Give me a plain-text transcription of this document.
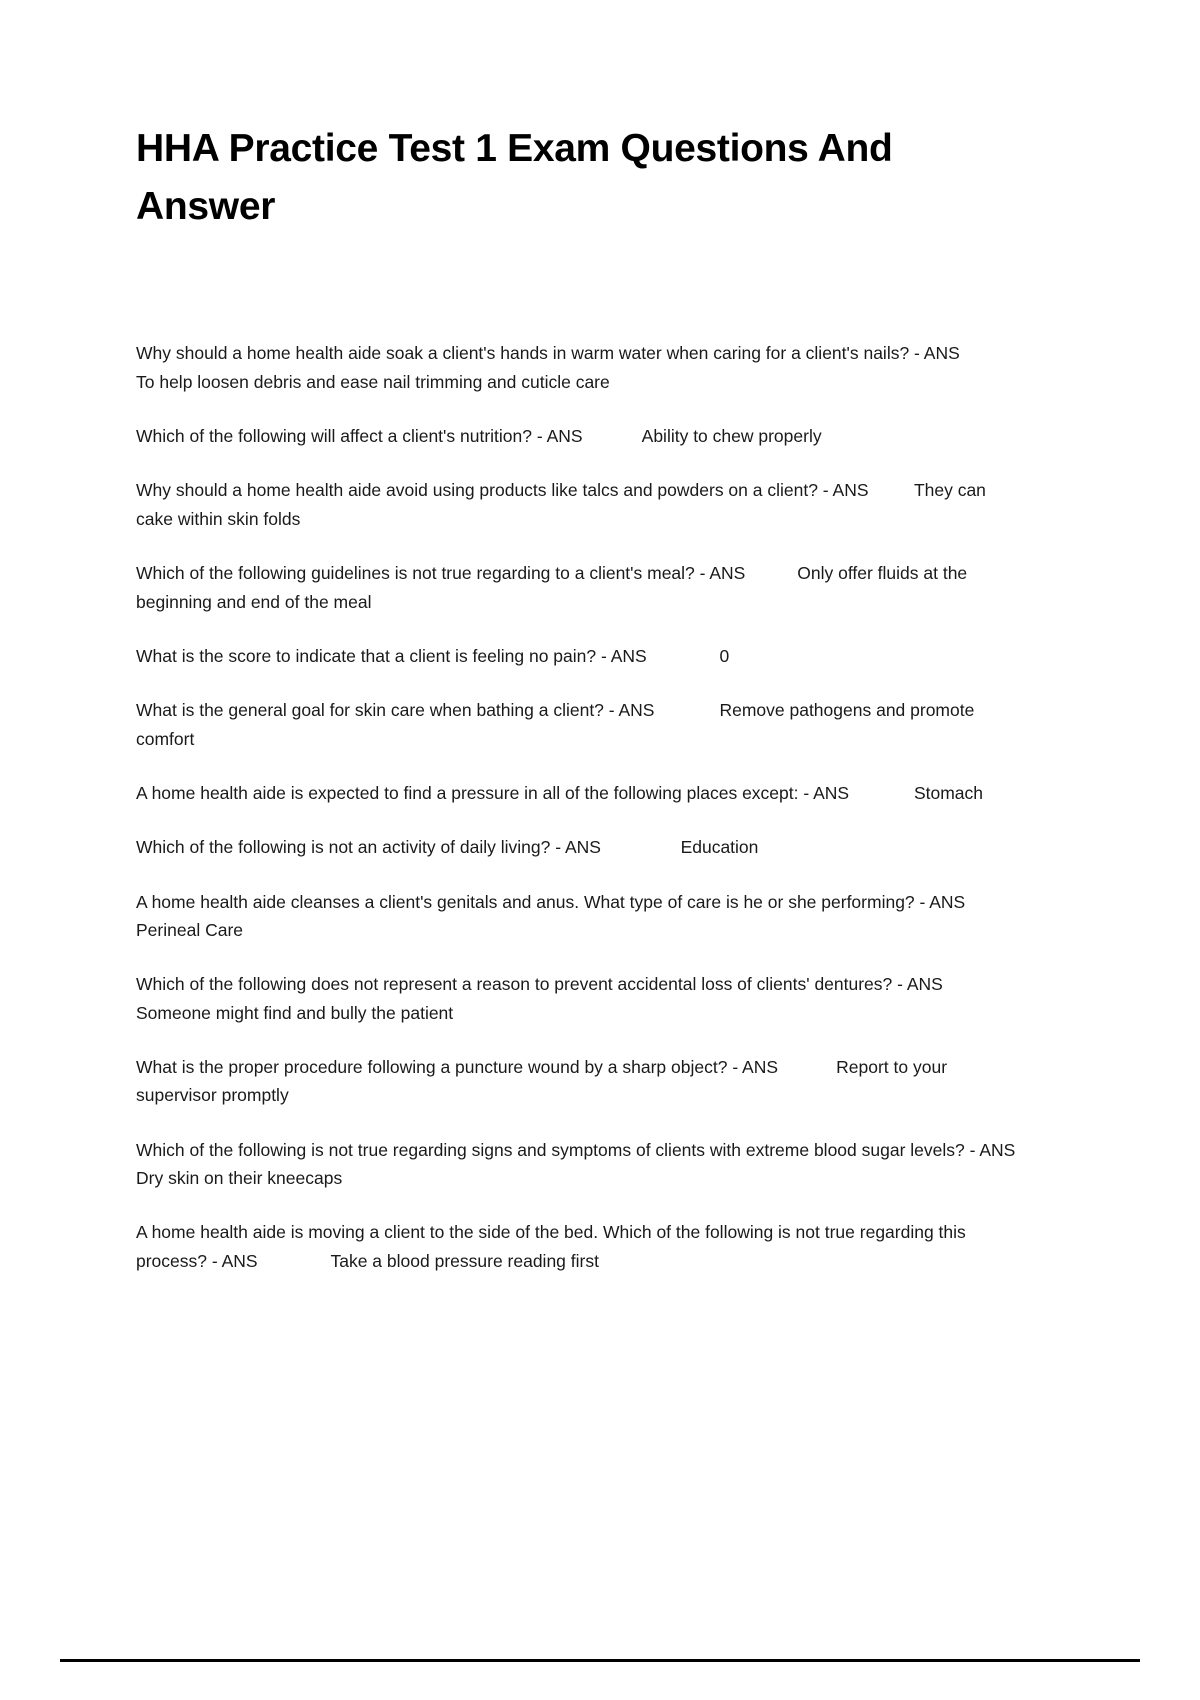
HHA Practice Test 1 Exam Questions And Answer

Why should a home health aide soak a client's hands in warm water when caring for a client's nails? - ANS		To help loosen debris and ease nail trimming and cuticle care

Which of the following will affect a client's nutrition? - ANS		Ability to chew properly

Why should a home health aide avoid using products like talcs and powders on a client? - ANS		They can cake within skin folds

Which of the following guidelines is not true regarding to a client's meal? - ANS		Only offer fluids at the beginning and end of the meal

What is the score to indicate that a client is feeling no pain? - ANS		0

What is the general goal for skin care when bathing a client? - ANS		Remove pathogens and promote comfort

A home health aide is expected to find a pressure in all of the following places except: - ANS		Stomach

Which of the following is not an activity of daily living? - ANS		Education

A home health aide cleanses a client's genitals and anus. What type of care is he or she performing? - ANS		Perineal Care

Which of the following does not represent a reason to prevent accidental loss of clients' dentures? - ANS		Someone might find and bully the patient

What is the proper procedure following a puncture wound by a sharp object? - ANS		Report to your supervisor promptly

Which of the following is not true regarding signs and symptoms of clients with extreme blood sugar levels? - ANS		Dry skin on their kneecaps

A home health aide is moving a client to the side of the bed. Which of the following is not true regarding this process? - ANS		Take a blood pressure reading first
